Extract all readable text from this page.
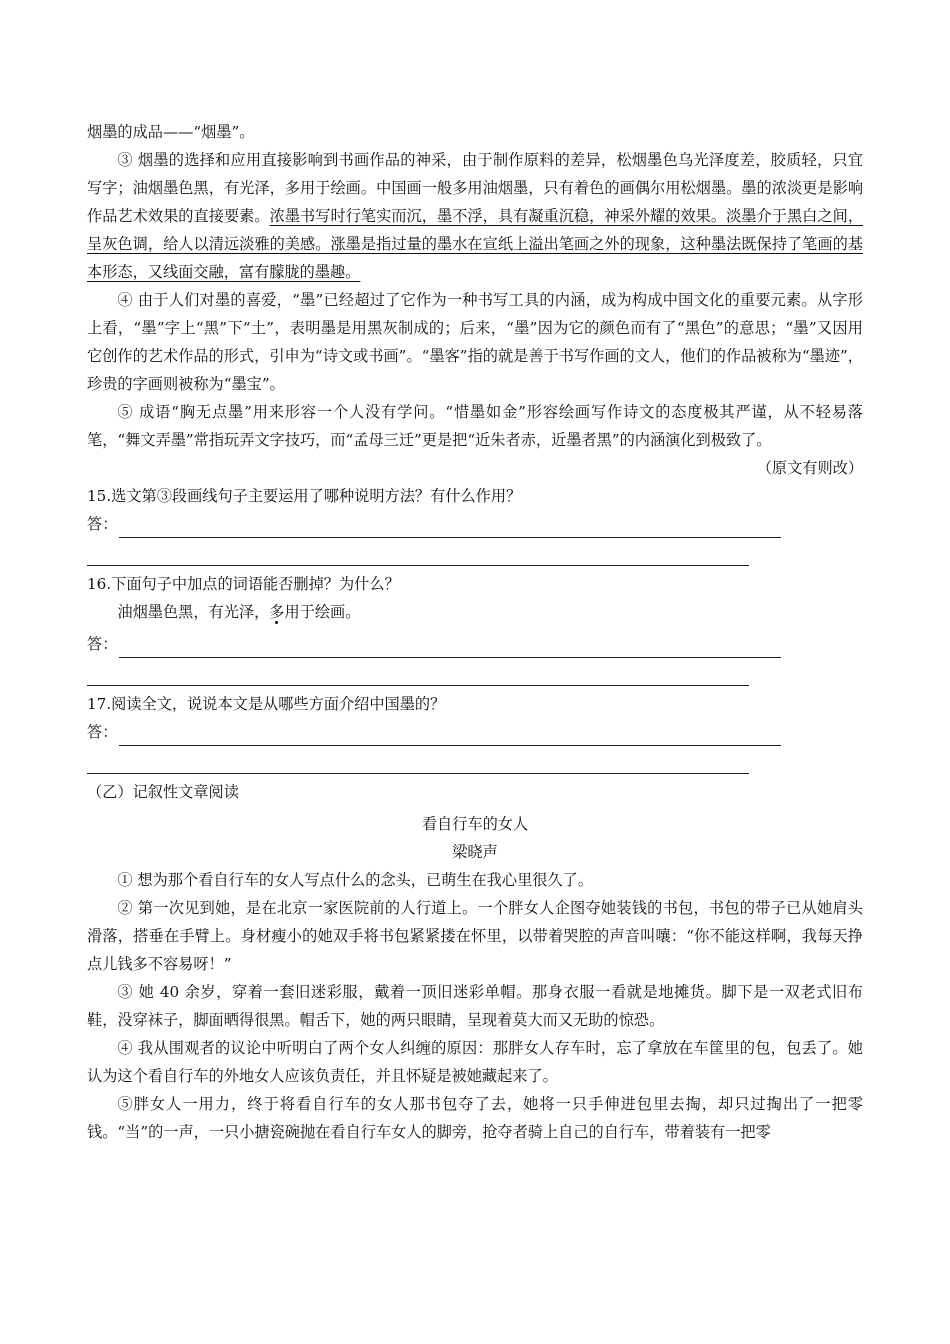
烟墨的成品——“烟墨”。

③ 烟墨的选择和应用直接影响到书画作品的神采，由于制作原料的差异，松烟墨色乌光泽度差，胶质轻，只宜写字；油烟墨色黑，有光泽，多用于绘画。中国画一般多用油烟墨，只有着色的画偶尔用松烟墨。墨的浓淡更是影响作品艺术效果的直接要素。浓墨书写时行笔实而沉，墨不浮，具有凝重沉稳，神采外耀的效果。淡墨介于黑白之间，呈灰色调，给人以清远淡雅的美感。涨墨是指过量的墨水在宣纸上溢出笔画之外的现象，这种墨法既保持了笔画的基本形态，又线面交融，富有朦胧的墨趣。

④ 由于人们对墨的喜爱，“墨”已经超过了它作为一种书写工具的内涵，成为构成中国文化的重要元素。从字形上看，“墨”字上“黑”下“土”，表明墨是用黑灰制成的；后来，“墨”因为它的颜色而有了“黑色”的意思；“墨”又因用它创作的艺术作品的形式，引申为“诗文或书画”。“墨客”指的就是善于书写作画的文人，他们的作品被称为“墨迹”，珍贵的字画则被称为“墨宝”。

⑤ 成语“胸无点墨”用来形容一个人没有学问。“惜墨如金”形容绘画写作诗文的态度极其严谨，从不轻易落笔，“舞文弄墨”常指玩弄文字技巧，而“孟母三迁”更是把“近朱者赤，近墨者黑”的内涵演化到极致了。

（原文有则改）

15.选文第③段画线句子主要运用了哪种说明方法？有什么作用？

答：

16.下面句子中加点的词语能否删掉？为什么？

油烟墨色黑，有光泽，多用于绘画。

答：

17.阅读全文，说说本文是从哪些方面介绍中国墨的？

答：

（乙）记叙性文章阅读

看自行车的女人

梁晓声

① 想为那个看自行车的女人写点什么的念头，已萌生在我心里很久了。

② 第一次见到她，是在北京一家医院前的人行道上。一个胖女人企图夺她装钱的书包，书包的带子已从她肩头滑落，搭垂在手臂上。身材瘦小的她双手将书包紧紧搂在怀里，以带着哭腔的声音叫嚷：“你不能这样啊，我每天挣点儿钱多不容易呀！”

③ 她 40 余岁，穿着一套旧迷彩服，戴着一顶旧迷彩单帽。那身衣服一看就是地摊货。脚下是一双老式旧布鞋，没穿袜子，脚面晒得很黑。帽舌下，她的两只眼睛，呈现着莫大而又无助的惊恐。

④ 我从围观者的议论中听明白了两个女人纠缠的原因：那胖女人存车时，忘了拿放在车筐里的包，包丢了。她认为这个看自行车的外地女人应该负责任，并且怀疑是被她藏起来了。

⑤胖女人一用力，终于将看自行车的女人那书包夺了去，她将一只手伸进包里去掏，却只过掏出了一把零钱。“当”的一声，一只小搪瓷碗抛在看自行车女人的脚旁，抢夺者骑上自己的自行车，带着装有一把零
